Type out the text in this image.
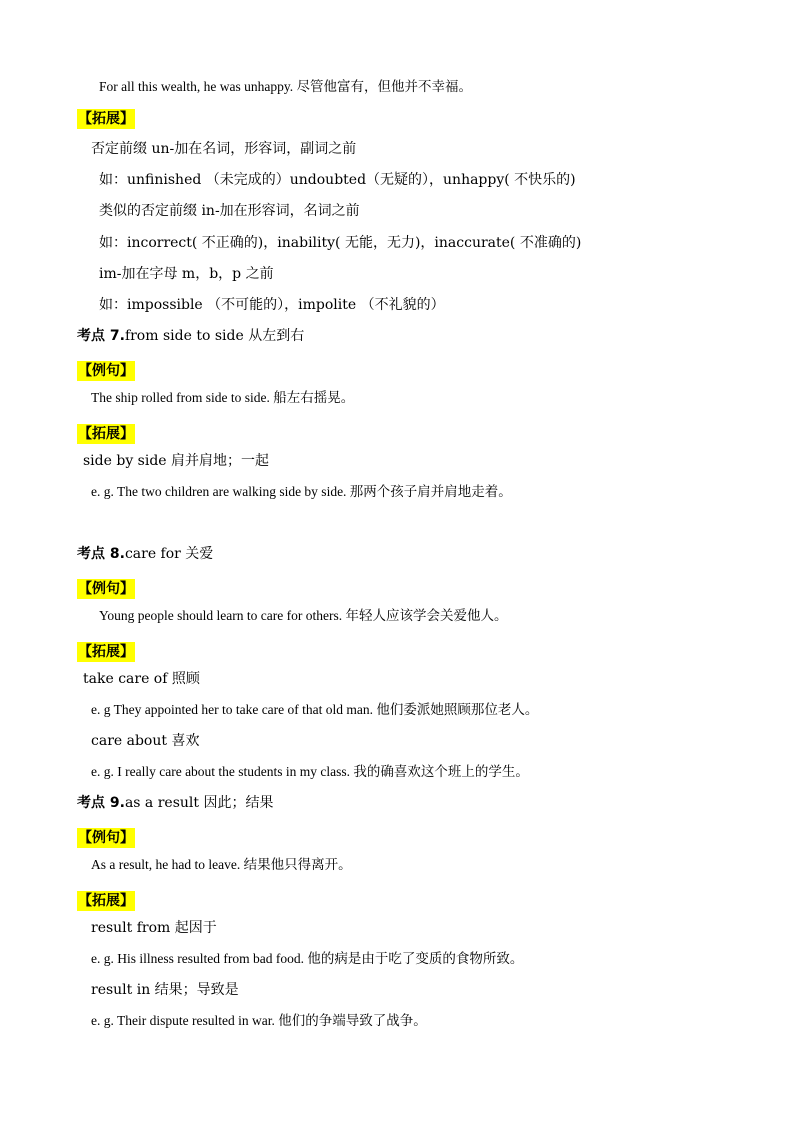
For all this wealth, he was unhappy. 尽管他富有，但他并不幸福。
【拓展】
否定前缀 un-加在名词，形容词，副词之前
如：unfinished （未完成的）undoubted（无疑的），unhappy( 不快乐的)
类似的否定前缀 in-加在形容词，名词之前
如：incorrect( 不正确的)，inability( 无能，无力)，inaccurate( 不准确的)
im-加在字母 m，b，p 之前
如：impossible （不可能的），impolite （不礼貌的）
考点 7.from side to side 从左到右
【例句】
The ship rolled from side to side. 船左右摇晃。
【拓展】
side by side 肩并肩地；一起
e. g. The two children are walking side by side. 那两个孩子肩并肩地走着。
考点 8.care for 关爱
【例句】
Young people should learn to care for others. 年轻人应该学会关爱他人。
【拓展】
take care of 照顾
e. g They appointed her to take care of that old man. 他们委派她照顾那位老人。
care about 喜欢
e. g. I really care about the students in my class. 我的确喜欢这个班上的学生。
考点 9.as a result 因此；结果
【例句】
As a result, he had to leave. 结果他只得离开。
【拓展】
result from 起因于
e. g. His illness resulted from bad food. 他的病是由于吃了变质的食物所致。
result in 结果；导致是
e. g. Their dispute resulted in war. 他们的争端导致了战争。
